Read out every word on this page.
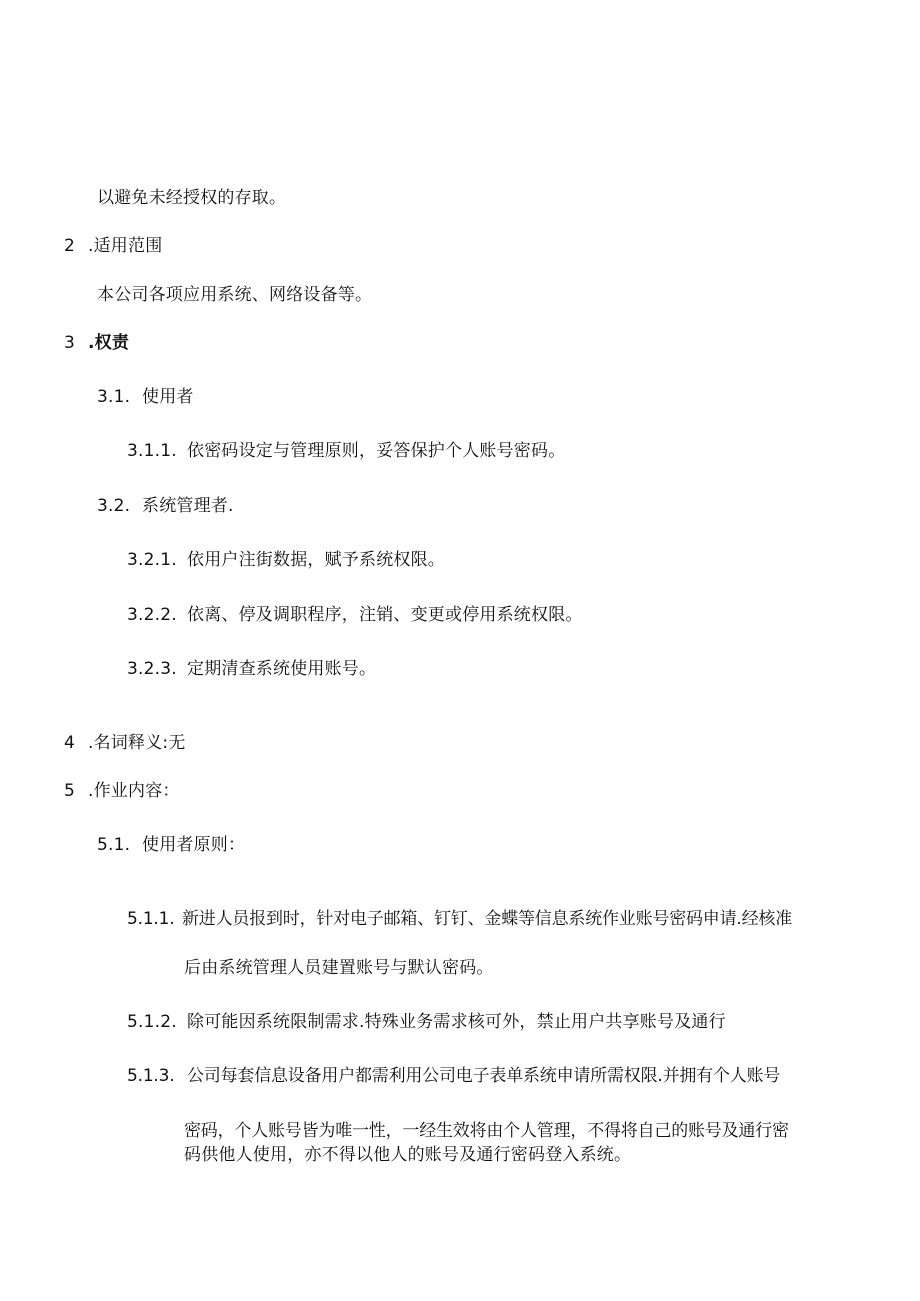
以避免未经授权的存取。
2 .适用范围
本公司各项应用系统、网络设备等。
3 .权责
3.1. 使用者
3.1.1. 依密码设定与管理原则，妥答保护个人账号密码。
3.2. 系统管理者.
3.2.1. 依用户注街数据，赋予系统权限。
3.2.2. 依离、停及调职程序，注销、变更或停用系统权限。
3.2.3. 定期清查系统使用账号。
4 .名词释义:无
5 .作业内容：
5.1. 使用者原则：
5.1.1. 新进人员报到时，针对电子邮箱、钉钉、金蝶等信息系统作业账号密码申请.经核准
后由系统管理人员建置账号与默认密码。
5.1.2. 除可能因系统限制需求.特殊业务需求核可外，禁止用户共享账号及通行
5.1.3. 公司每套信息设备用户都需利用公司电子表单系统申请所需权限.并拥有个人账号
密码，个人账号皆为唯一性，一经生效将由个人管理，不得将自己的账号及通行密
码供他人使用，亦不得以他人的账号及通行密码登入系统。
